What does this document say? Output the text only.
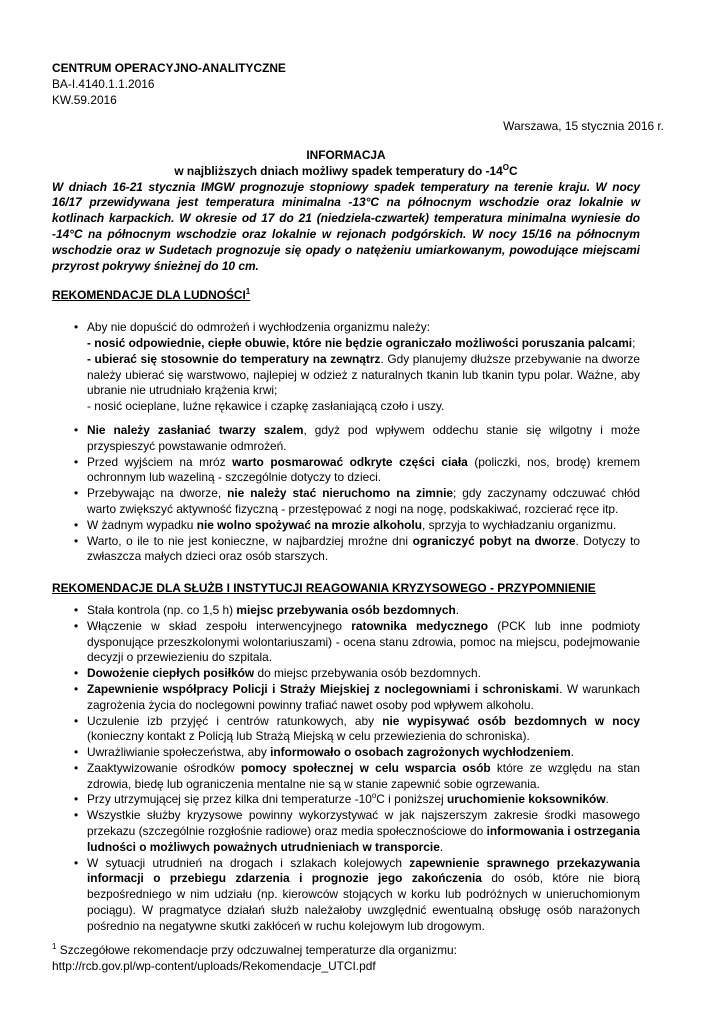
CENTRUM OPERACYJNO-ANALITYCZNE
BA-I.4140.1.1.2016
KW.59.2016
Warszawa, 15 stycznia 2016 r.
INFORMACJA
w najbliższych dniach możliwy spadek temperatury do $-14^OC$

W dniach 16-21 stycznia IMGW prognozuje stopniowy spadek temperatury na terenie kraju. W nocy 16/17 przewidywana jest temperatura minimalna -13°C na północnym wschodzie oraz lokalnie w kotlinach karpackich. W okresie od 17 do 21 (niedziela-czwartek) temperatura minimalna wyniesie do -14°C na północnym wschodzie oraz lokalnie w rejonach podgórskich. W nocy 15/16 na północnym wschodzie oraz w Sudetach prognozuje się opady o natężeniu umiarkowanym, powodujące miejscami przyrost pokrywy śnieżnej do 10 cm.

REKOMENDACJE DLA LUDNOŚCI$^1$
• Aby nie dopuścić do odmrożeń i wychłodzenia organizmu należy:
- nosić odpowiednie, ciepłe obuwie, które nie będzie ograniczało możliwości poruszania palcami;
- ubierać się stosownie do temperatury na zewnątrz. Gdy planujemy dłuższe przebywanie na dworze należy ubierać się warstwowo, najlepiej w odzież z naturalnych tkanin lub tkanin typu polar. Ważne, aby ubranie nie utrudniało krążenia krwi;
- nosić ocieplane, luźne rękawice i czapkę zasłaniającą czoło i uszy.
• Nie należy zasłaniać twarzy szalem, gdyż pod wpływem oddechu stanie się wilgotny i może przyspieszyć powstawanie odmrożeń.
• Przed wyjściem na mróz warto posmarować odkryte części ciała (policzki, nos, brodę) kremem ochronnym lub wazeliną - szczególnie dotyczy to dzieci.
• Przebywając na dworze, nie należy stać nieruchomo na zimnie; gdy zaczynamy odczuwać chłód warto zwiększyć aktywność fizyczną - przestępować z nogi na nogę, podskakiwać, rozcierać ręce itp.
• W żadnym wypadku nie wolno spożywać na mrozie alkoholu, sprzyja to wychładzaniu organizmu.
• Warto, o ile to nie jest konieczne, w najbardziej mroźne dni ograniczyć pobyt na dworze. Dotyczy to zwłaszcza małych dzieci oraz osób starszych.
REKOMENDACJE DLA SŁUŻB I INSTYTUCJI REAGOWANIA KRYZYSOWEGO - PRZYPOMNIENIE
• Stała kontrola (np. co 1,5 h) miejsc przebywania osób bezdomnych.
• Włączenie w skład zespołu interwencyjnego ratownika medycznego (PCK lub inne podmioty dysponujące przeszkolonymi wolontariuszami) - ocena stanu zdrowia, pomoc na miejscu, podejmowanie decyzji o przewiezieniu do szpitala.
• Dowożenie ciepłych posiłków do miejsc przebywania osób bezdomnych.
• Zapewnienie współpracy Policji i Straży Miejskiej z noclegowniami i schroniskami. W warunkach zagrożenia życia do noclegowni powinny trafiać nawet osoby pod wpływem alkoholu.
• Uczulenie izb przyjęć i centrów ratunkowych, aby nie wypisywać osób bezdomnych w nocy (konieczny kontakt z Policją lub Strażą Miejską w celu przewiezienia do schroniska).
• Uwrażliwianie społeczeństwa, aby informowało o osobach zagrożonych wychłodzeniem.
• Zaaktywizowanie ośrodków pomocy społecznej w celu wsparcia osób które ze względu na stan zdrowia, biedę lub ograniczenia mentalne nie są w stanie zapewnić sobie ogrzewania.
• Przy utrzymującej się przez kilka dni temperaturze -10$^o$C i poniższej uruchomienie koksowników.
• Wszystkie służby kryzysowe powinny wykorzystywać w jak najszerszym zakresie środki masowego przekazu (szczególnie rozgłośnie radiowe) oraz media społecznościowe do informowania i ostrzegania ludności o możliwych poważnych utrudnieniach w transporcie.
• W sytuacji utrudnień na drogach i szlakach kolejowych zapewnienie sprawnego przekazywania informacji o przebiegu zdarzenia i prognozie jego zakończenia do osób, które nie biorą bezpośredniego w nim udziału (np. kierowców stojących w korku lub podróżnych w unieruchomionym pociągu). W pragmatyce działań służb należałoby uwzględnić ewentualną obsługę osób narażonych pośrednio na negatywne skutki zakłóceń w ruchu kolejowym lub drogowym.
$^1$ Szczegółowe rekomendacje przy odczuwalnej temperaturze dla organizmu:
http://rcb.gov.pl/wp-content/uploads/Rekomendacje_UTCI.pdf
